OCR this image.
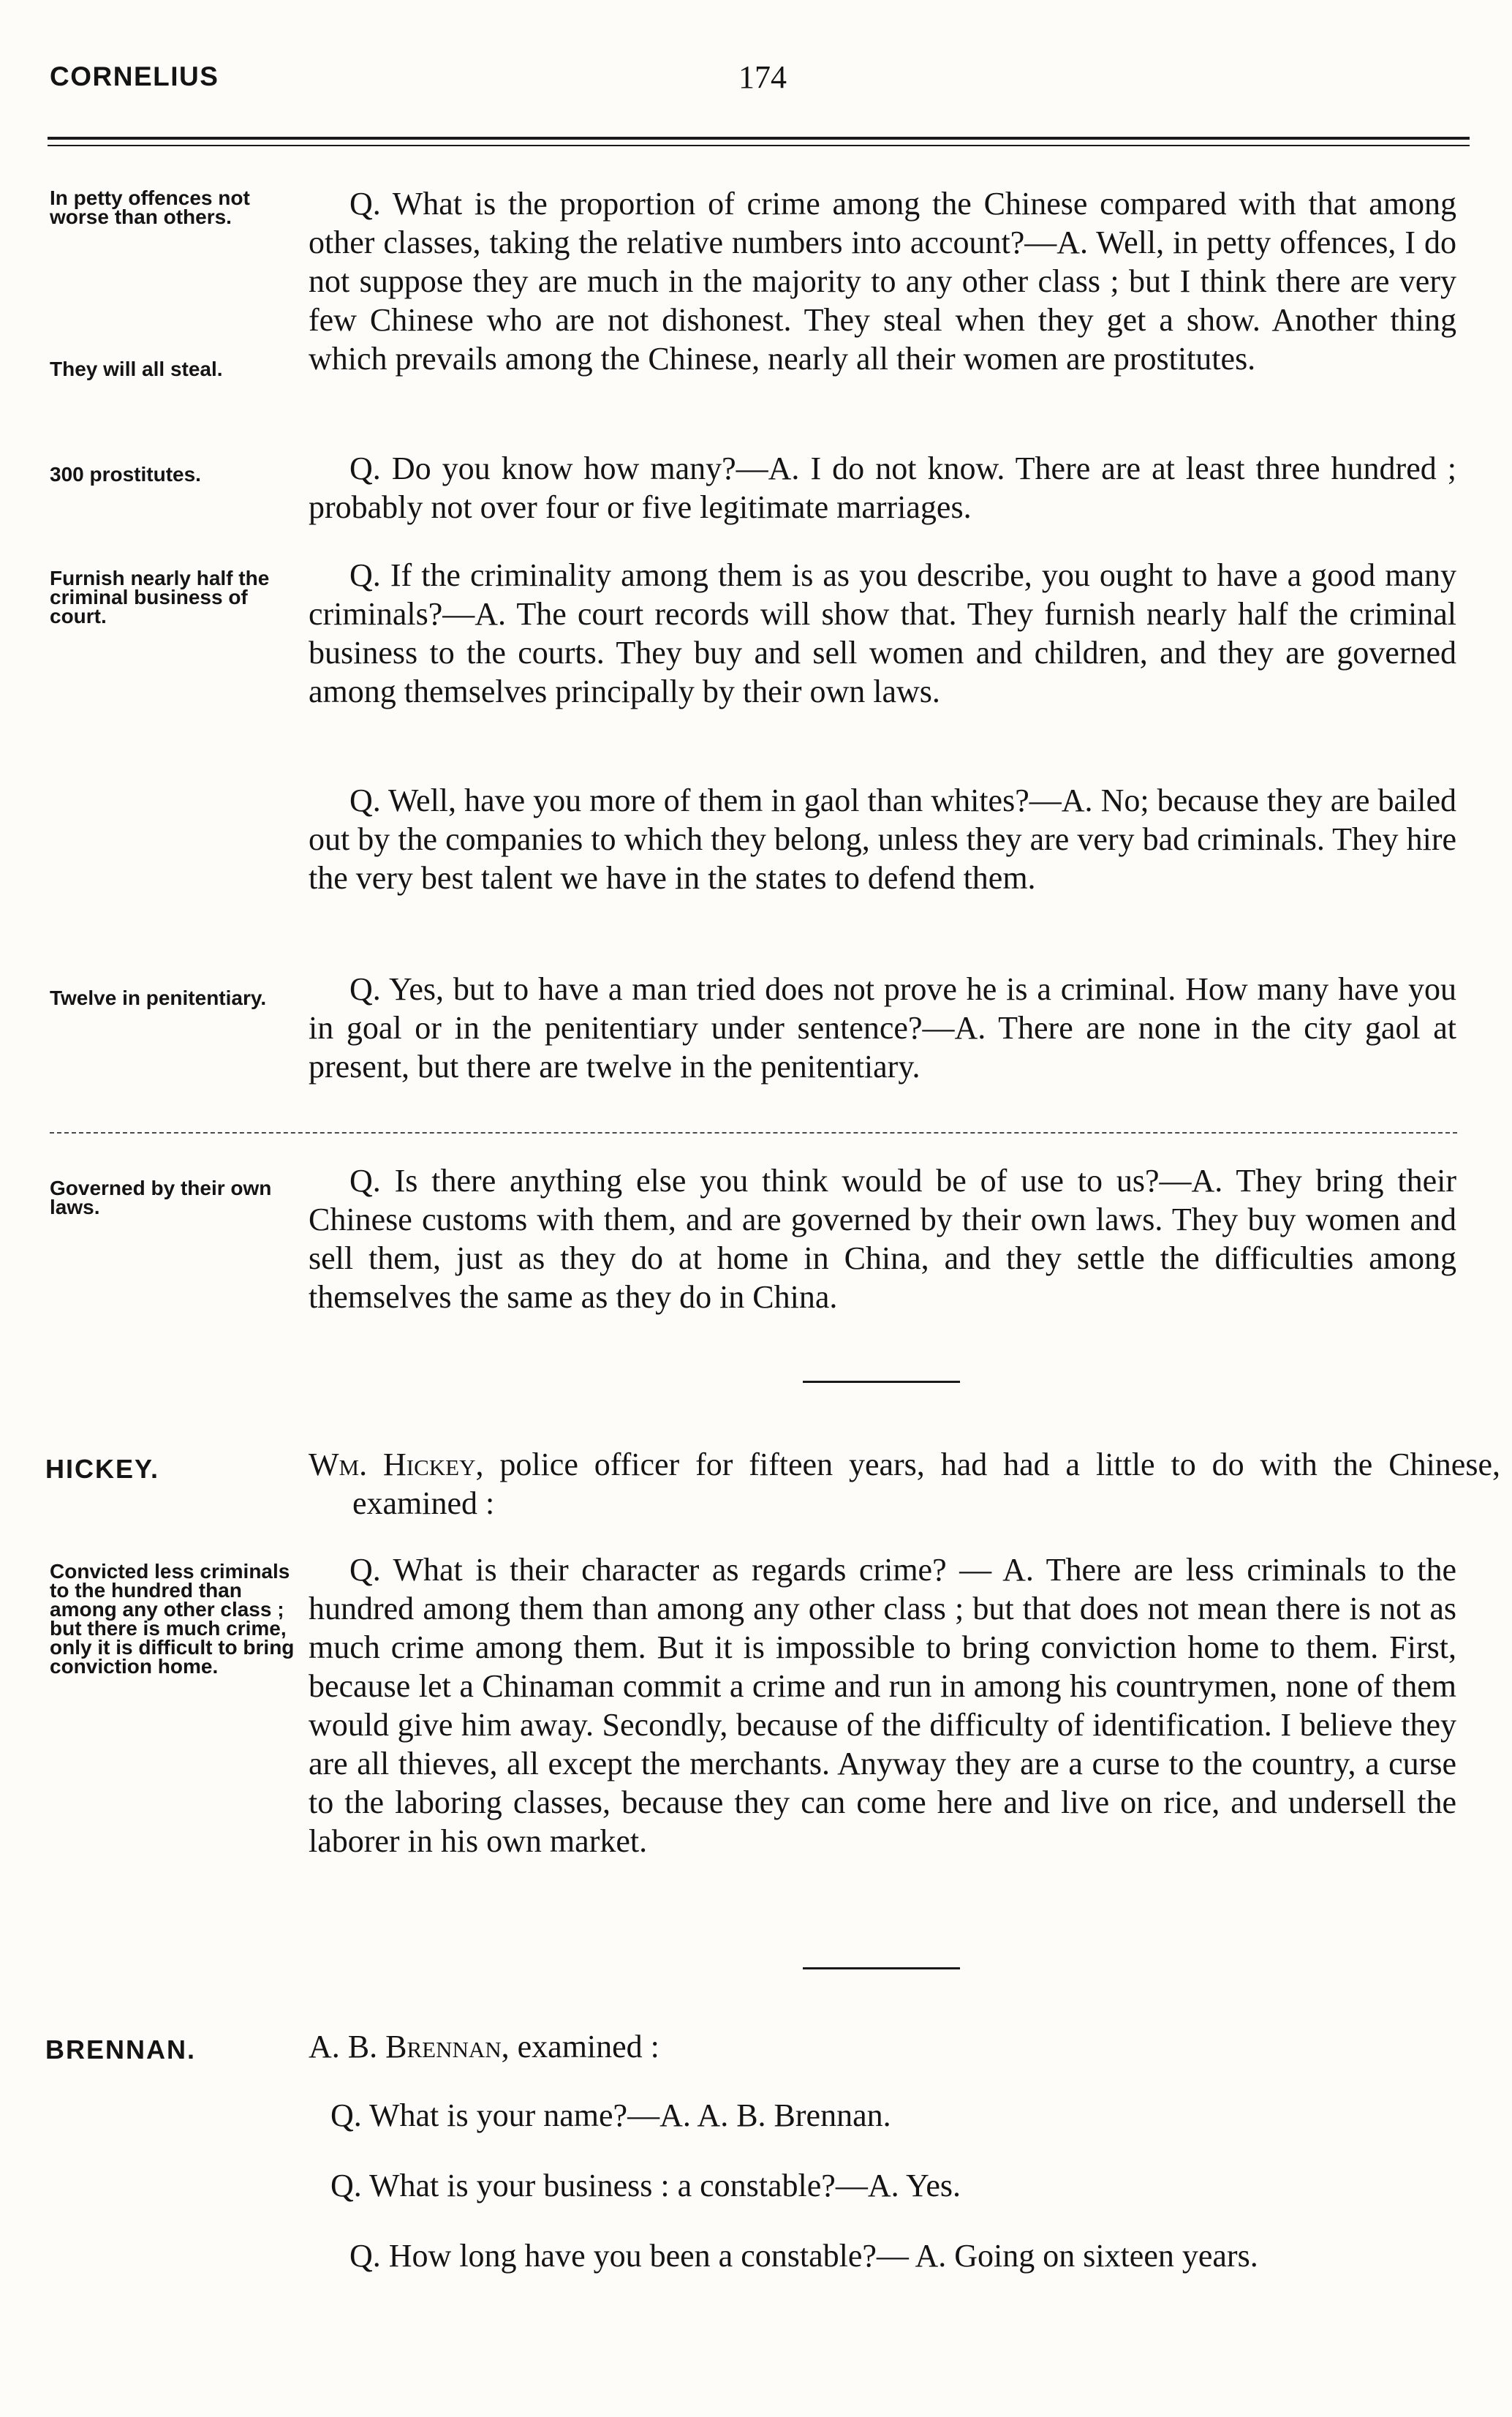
CORNELIUS	174
In petty offences not worse than others.
They will all steal.
300 prostitutes.
Furnish nearly half the criminal business of court.
Twelve in penitentiary.
Governed by their own laws.

Q. What is the proportion of crime among the Chinese compared with that among other classes, taking the relative numbers into account?—A. Well, in petty offences, I do not suppose they are much in the majority to any other class ; but I think there are very few Chinese who are not dishonest. They steal when they get a show. Another thing which prevails among the Chinese, nearly all their women are prostitutes.

Q. Do you know how many?—A. I do not know. There are at least three hundred ; probably not over four or five legitimate marriages.

Q. If the criminality among them is as you describe, you ought to have a good many criminals?—A. The court records will show that. They furnish nearly half the criminal business to the courts. They buy and sell women and children, and they are governed among themselves principally by their own laws.

Q. Well, have you more of them in gaol than whites?—A. No; because they are bailed out by the companies to which they belong, unless they are very bad criminals. They hire the very best talent we have in the states to defend them.

Q. Yes, but to have a man tried does not prove he is a criminal. How many have you in goal or in the penitentiary under sentence?—A. There are none in the city gaol at present, but there are twelve in the penitentiary.

Q. Is there anything else you think would be of use to us?—A. They bring their Chinese customs with them, and are governed by their own laws. They buy women and sell them, just as they do at home in China, and they settle the difficulties among themselves the same as they do in China.

HICKEY.	Wm. Hickey, police officer for fifteen years, had had a little to do with the Chinese, examined :

Convicted less criminals to the hundred than among any other class ; but there is much crime, only it is difficult to bring conviction home.

Q. What is their character as regards crime? — A. There are less criminals to the hundred among them than among any other class ; but that does not mean there is not as much crime among them. But it is impossible to bring conviction home to them. First, because let a Chinaman commit a crime and run in among his countrymen, none of them would give him away. Secondly, because of the difficulty of identification. I believe they are all thieves, all except the merchants. Anyway they are a curse to the country, a curse to the laboring classes, because they can come here and live on rice, and undersell the laborer in his own market.

BRENNAN.	A. B. Brennan, examined :

Q. What is your name?—A. A. B. Brennan.

Q. What is your business : a constable?—A. Yes.

Q. How long have you been a constable?— A. Going on sixteen years.
